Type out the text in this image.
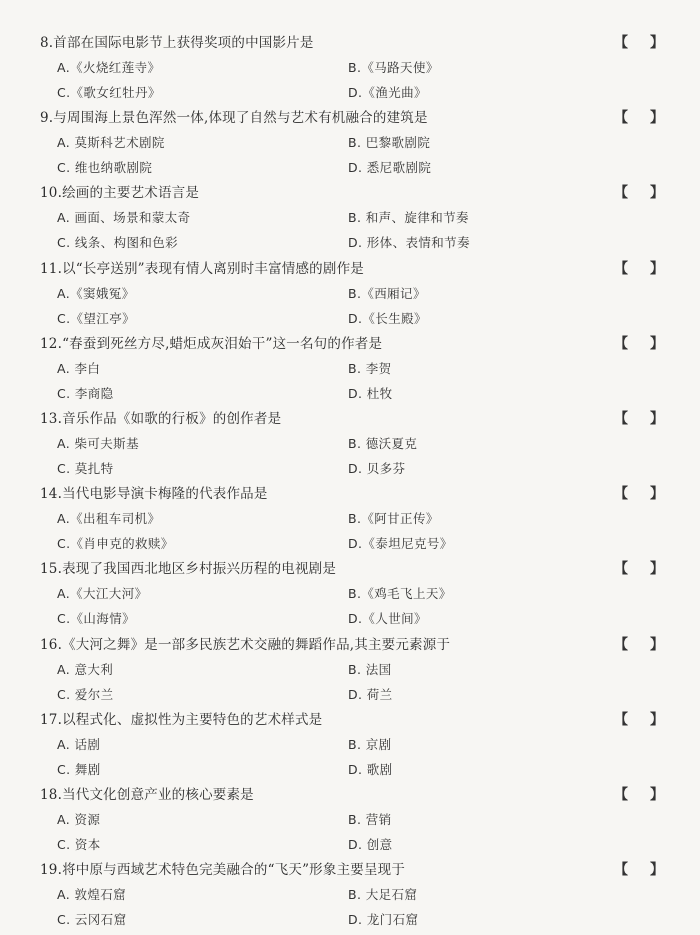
8.首部在国际电影节上获得奖项的中国影片是	【 】
A.《火烧红莲寺》	B.《马路天使》
C.《歌女红牡丹》	D.《渔光曲》
9.与周围海上景色浑然一体,体现了自然与艺术有机融合的建筑是	【 】
A. 莫斯科艺术剧院	B. 巴黎歌剧院
C. 维也纳歌剧院	D. 悉尼歌剧院
10.绘画的主要艺术语言是	【 】
A. 画面、场景和蒙太奇	B. 和声、旋律和节奏
C. 线条、构图和色彩	D. 形体、表情和节奏
11.以“长亭送别”表现有情人离别时丰富情感的剧作是	【 】
A.《窦娥冤》	B.《西厢记》
C.《望江亭》	D.《长生殿》
12.“春蚕到死丝方尽,蜡炬成灰泪始干”这一名句的作者是	【 】
A. 李白	B. 李贺
C. 李商隐	D. 杜牧
13.音乐作品《如歌的行板》的创作者是	【 】
A. 柴可夫斯基	B. 德沃夏克
C. 莫扎特	D. 贝多芬
14.当代电影导演卡梅隆的代表作品是	【 】
A.《出租车司机》	B.《阿甘正传》
C.《肖申克的救赎》	D.《泰坦尼克号》
15.表现了我国西北地区乡村振兴历程的电视剧是	【 】
A.《大江大河》	B.《鸡毛飞上天》
C.《山海情》	D.《人世间》
16.《大河之舞》是一部多民族艺术交融的舞蹈作品,其主要元素源于	【 】
A. 意大利	B. 法国
C. 爱尔兰	D. 荷兰
17.以程式化、虚拟性为主要特色的艺术样式是	【 】
A. 话剧	B. 京剧
C. 舞剧	D. 歌剧
18.当代文化创意产业的核心要素是	【 】
A. 资源	B. 营销
C. 资本	D. 创意
19.将中原与西域艺术特色完美融合的“飞天”形象主要呈现于	【 】
A. 敦煌石窟	B. 大足石窟
C. 云冈石窟	D. 龙门石窟
